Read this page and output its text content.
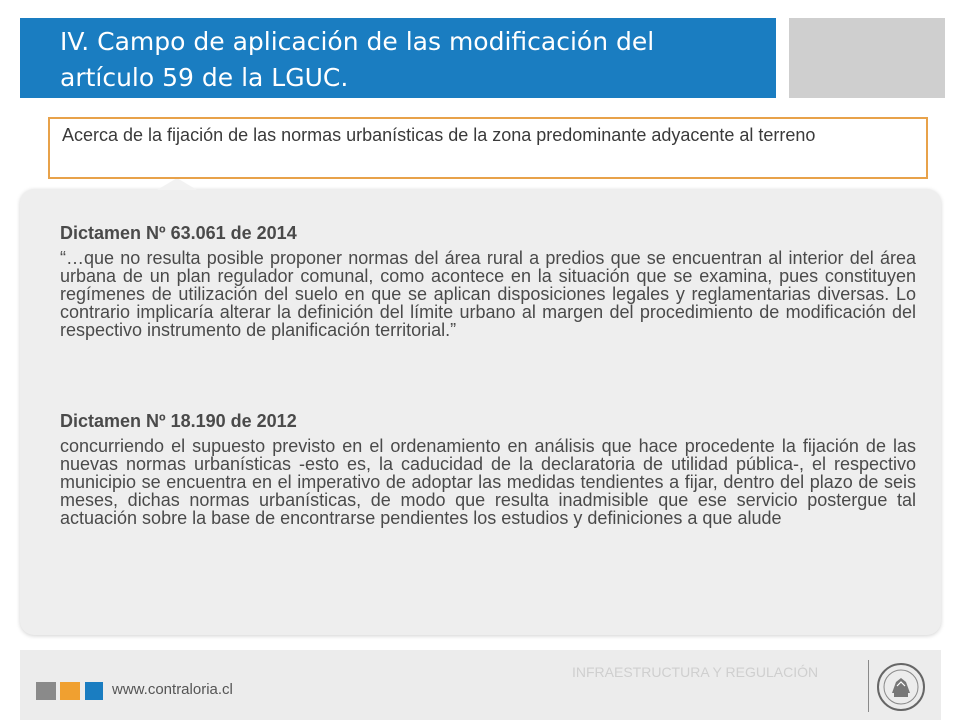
IV. Campo de aplicación de las modificación del
artículo 59 de la LGUC.
Acerca de la fijación de las normas urbanísticas de la zona predominante adyacente al terreno
Dictamen Nº 63.061 de 2014
“…que no resulta posible proponer normas del área rural a predios que se encuentran al interior del área urbana de un plan regulador comunal, como acontece en la situación que se examina, pues constituyen regímenes de utilización del suelo en que se aplican disposiciones legales y reglamentarias diversas. Lo contrario implicaría alterar la definición del límite urbano al margen del procedimiento de modificación del respectivo instrumento de planificación territorial.”
Dictamen Nº 18.190 de 2012
concurriendo el supuesto previsto en el ordenamiento en análisis que hace procedente la fijación de las nuevas normas urbanísticas -esto es, la caducidad de la declaratoria de utilidad pública-, el respectivo municipio se encuentra en el imperativo de adoptar las medidas tendientes a fijar, dentro del plazo de seis meses, dichas normas urbanísticas, de modo que resulta inadmisible que ese servicio postergue tal actuación sobre la base de encontrarse pendientes los estudios y definiciones a que alude
www.contraloria.cl
INFRAESTRUCTURA Y REGULACIÓN
